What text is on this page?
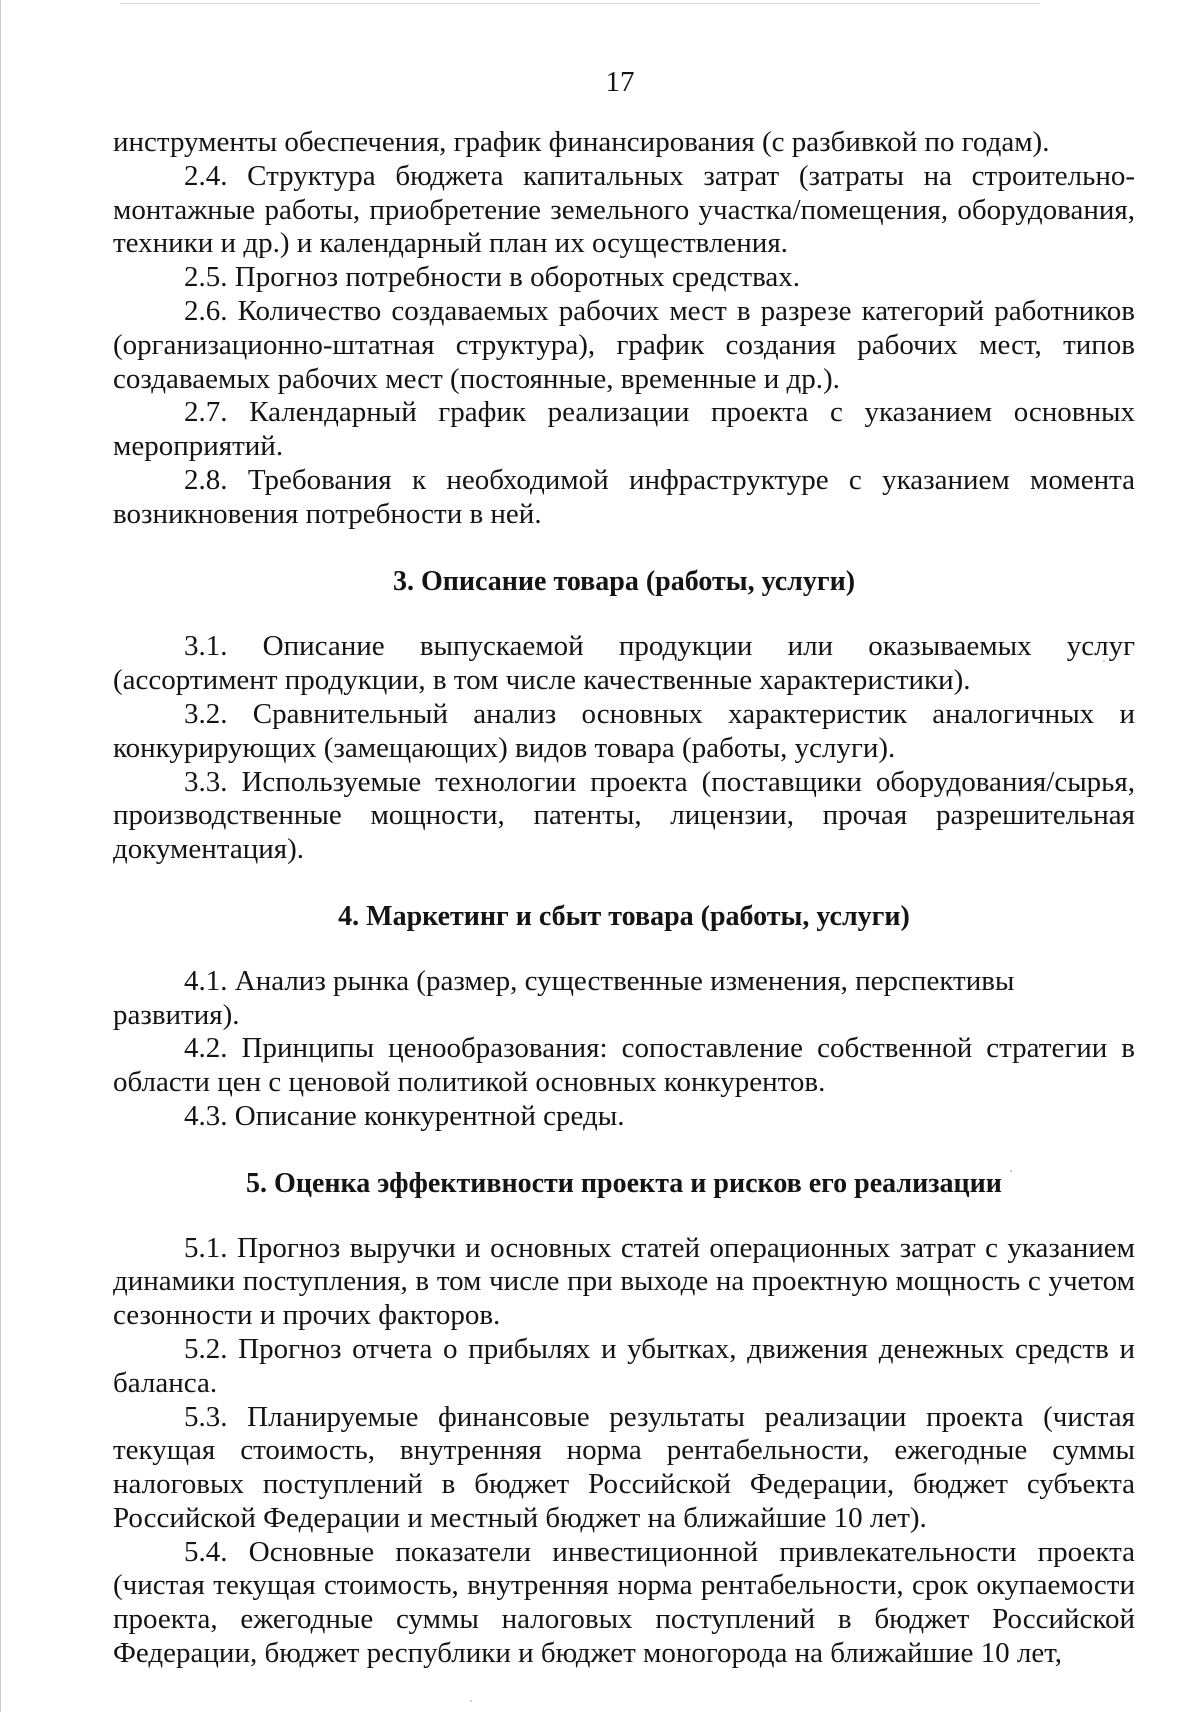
17

инструменты обеспечения, график финансирования (с разбивкой по годам).

2.4. Структура бюджета капитальных затрат (затраты на строительно-монтажные работы, приобретение земельного участка/помещения, оборудования, техники и др.) и календарный план их осуществления.

2.5. Прогноз потребности в оборотных средствах.

2.6. Количество создаваемых рабочих мест в разрезе категорий работников (организационно-штатная структура), график создания рабочих мест, типов создаваемых рабочих мест (постоянные, временные и др.).

2.7. Календарный график реализации проекта с указанием основных мероприятий.

2.8. Требования к необходимой инфраструктуре с указанием момента возникновения потребности в ней.

3. Описание товара (работы, услуги)

3.1. Описание выпускаемой продукции или оказываемых услуг (ассортимент продукции, в том числе качественные характеристики).

3.2. Сравнительный анализ основных характеристик аналогичных и конкурирующих (замещающих) видов товара (работы, услуги).

3.3. Используемые технологии проекта (поставщики оборудования/сырья, производственные мощности, патенты, лицензии, прочая разрешительная документация).

4. Маркетинг и сбыт товара (работы, услуги)

4.1. Анализ рынка (размер, существенные изменения, перспективы развития).

4.2. Принципы ценообразования: сопоставление собственной стратегии в области цен с ценовой политикой основных конкурентов.

4.3. Описание конкурентной среды.

5. Оценка эффективности проекта и рисков его реализации

5.1. Прогноз выручки и основных статей операционных затрат с указанием динамики поступления, в том числе при выходе на проектную мощность с учетом сезонности и прочих факторов.

5.2. Прогноз отчета о прибылях и убытках, движения денежных средств и баланса.

5.3. Планируемые финансовые результаты реализации проекта (чистая текущая стоимость, внутренняя норма рентабельности, ежегодные суммы налоговых поступлений в бюджет Российской Федерации, бюджет субъекта Российской Федерации и местный бюджет на ближайшие 10 лет).

5.4. Основные показатели инвестиционной привлекательности проекта (чистая текущая стоимость, внутренняя норма рентабельности, срок окупаемости проекта, ежегодные суммы налоговых поступлений в бюджет Российской Федерации, бюджет республики и бюджет моногорода на ближайшие 10 лет,
